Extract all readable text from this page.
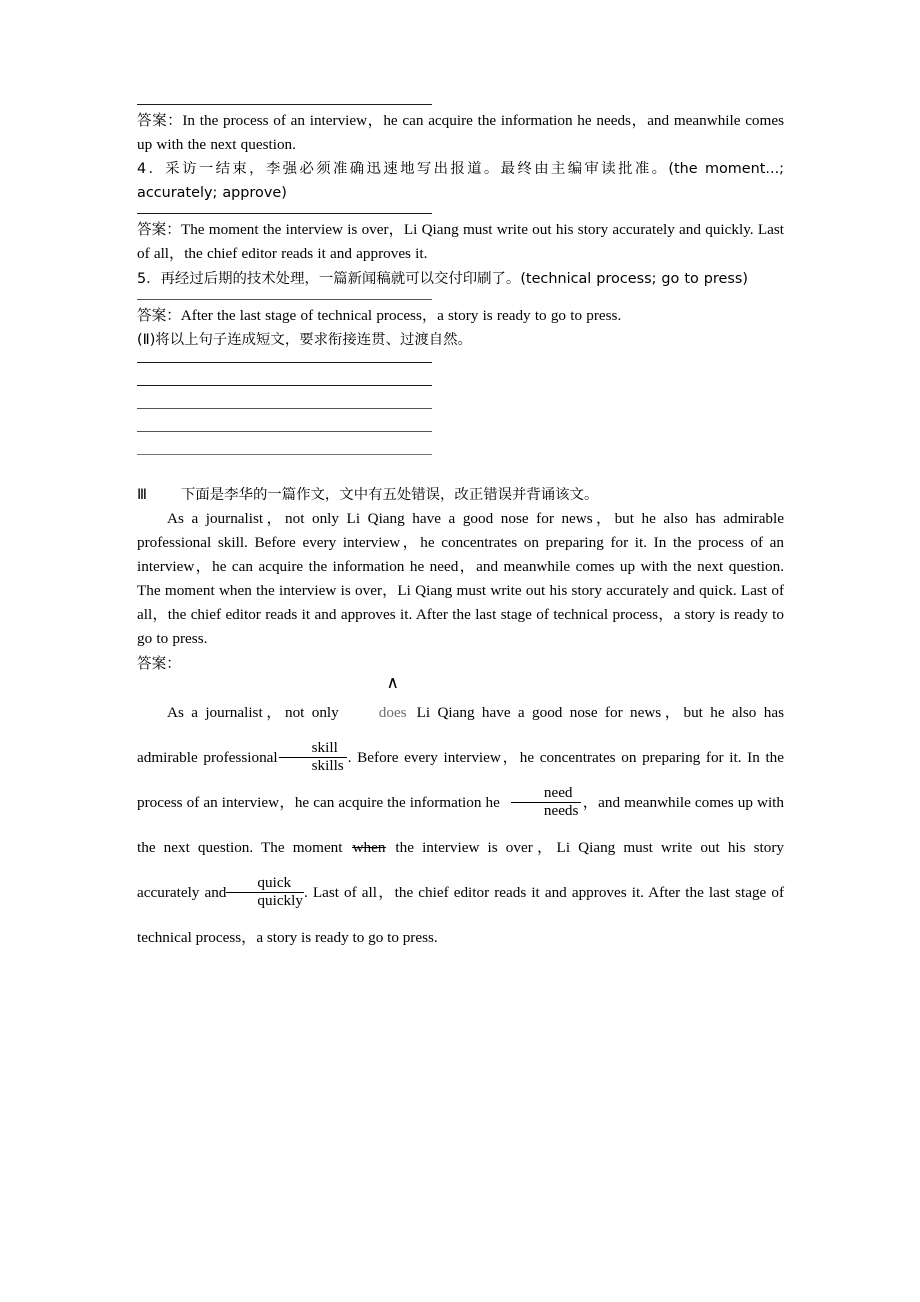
答案：In the process of an interview，he can acquire the information he needs，and meanwhile comes up with the next question.

4．采访一结束，李强必须准确迅速地写出报道。最终由主编审读批准。(the moment...; accurately; approve)

答案：The moment the interview is over，Li Qiang must write out his story accurately and quickly. Last of all，the chief editor reads it and approves it.

5．再经过后期的技术处理，一篇新闻稿就可以交付印刷了。(technical process; go to press)

答案：After the last stage of technical process，a story is ready to go to press.

(Ⅱ)将以上句子连成短文，要求衔接连贯、过渡自然。

Ⅲ 下面是李华的一篇作文，文中有五处错误，改正错误并背诵该文。

As a journalist，not only Li Qiang have a good nose for news，but he also has admirable professional skill. Before every interview，he concentrates on preparing for it. In the process of an interview，he can acquire the information he need，and meanwhile comes up with the next question. The moment when the interview is over，Li Qiang must write out his story accurately and quick. Last of all，the chief editor reads it and approves it. After the last stage of technical process，a story is ready to go to press.

答案：

As a journalist，not only
∧
does Li Qiang have a good nose for news，but he also has admirable professional $\frac{\text{skill}}{\text{skills}}$ . Before every interview，he concentrates on preparing for it. In the process of an interview，he can acquire the information he $\frac{\text{need}}{\text{needs}}$ ，and meanwhile comes up with the next question. The moment when the interview is over，Li Qiang must write out his story accurately and $\frac{\text{quick}}{\text{quickly}}$ . Last of all，the chief editor reads it and approves it. After the last stage of technical process，a story is ready to go to press.
